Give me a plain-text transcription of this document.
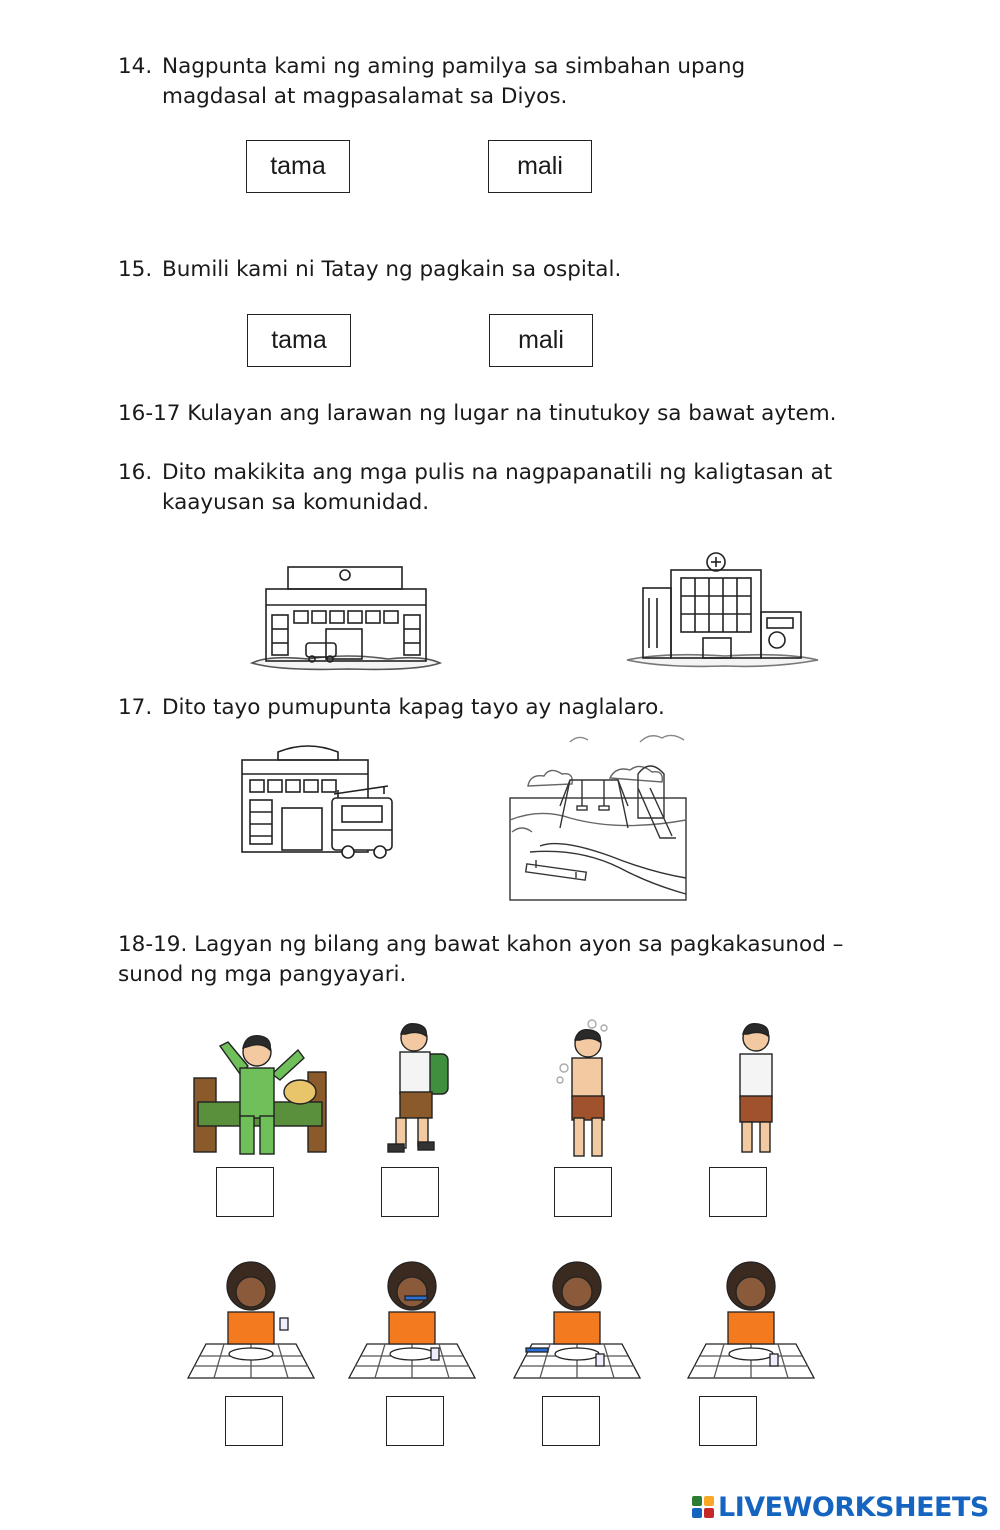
14. Nagpunta kami ng aming pamilya sa simbahan upang
magdasal at magpasalamat sa Diyos.
tama	mali
15. Bumili kami ni Tatay ng pagkain sa ospital.
tama	mali
16-17 Kulayan ang larawan ng lugar na tinutukoy sa bawat aytem.
16. Dito makikita ang mga pulis na nagpapanatili ng kaligtasan at
kaayusan sa komunidad.
17. Dito tayo pumupunta kapag tayo ay naglalaro.
18-19. Lagyan ng bilang ang bawat kahon ayon sa pagkakasunod –
sunod ng mga pangyayari.
LIVEWORKSHEETS
